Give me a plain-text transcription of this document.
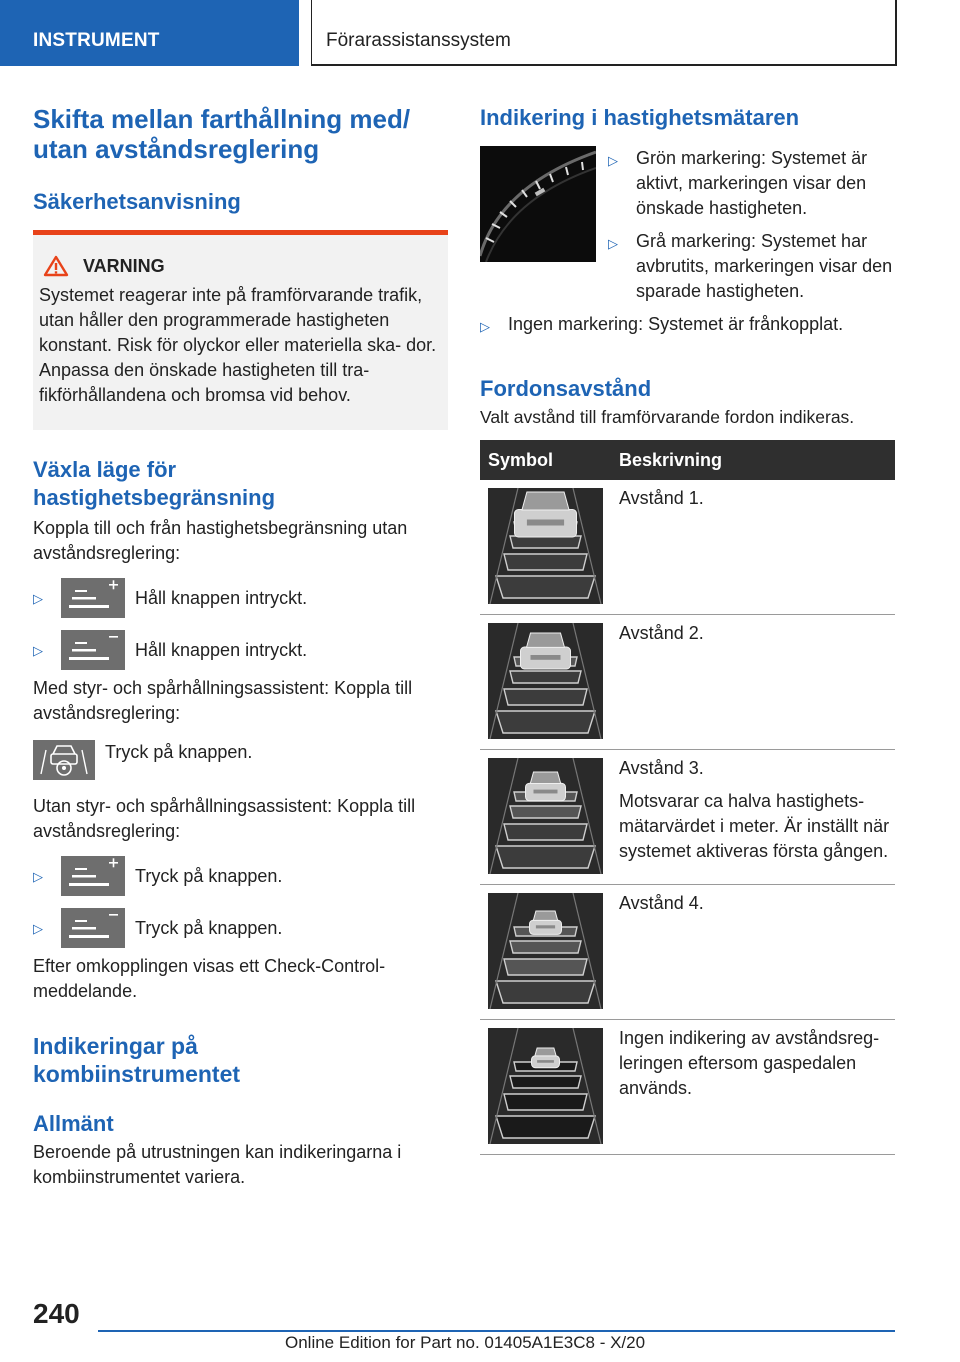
INSTRUMENT	Förarassistanssystem
Skifta mellan farthållning med/ utan avståndsreglering
Säkerhetsanvisning
VARNING

Systemet reagerar inte på framförvarande trafik, utan håller den programmerade hastigheten konstant. Risk för olyckor eller materiella ska- dor. Anpassa den önskade hastigheten till tra- fikförhållandena och bromsa vid behov.

Växla läge för hastighetsbegränsning

Koppla till och från hastighetsbegränsning utan avståndsreglering:

▷	Håll knappen intryckt.
▷	Håll knappen intryckt.

Med styr- och spårhållningsassistent: Koppla till avståndsreglering:

Tryck på knappen.

Utan styr- och spårhållningsassistent: Koppla till avståndsreglering:

▷	Tryck på knappen.
▷	Tryck på knappen.

Efter omkopplingen visas ett Check-Control- meddelande.

Indikeringar på kombiinstrumentet
Allmänt

Beroende på utrustningen kan indikeringarna i kombiinstrumentet variera.

Indikering i hastighetsmätaren
▷	Grön markering: Systemet är aktivt, markeringen visar den önskade hastigheten.
▷	Grå markering: Systemet har avbrutits, markeringen visar den sparade hastigheten.
▷	Ingen markering: Systemet är frånkopplat.
Fordonsavstånd

Valt avstånd till framförvarande fordon indikeras.

Symbol	Beskrivning

	Avstånd 1.

	Avstånd 2.

Avstånd 3.
Motsvarar ca halva hastighets- mätarvärdet i meter. Är inställt när systemet aktiveras första gången.

	Avstånd 4.

	Ingen indikering av avståndsreg- leringen eftersom gaspedalen används.
240
Online Edition for Part no. 01405A1E3C8 - X/20
